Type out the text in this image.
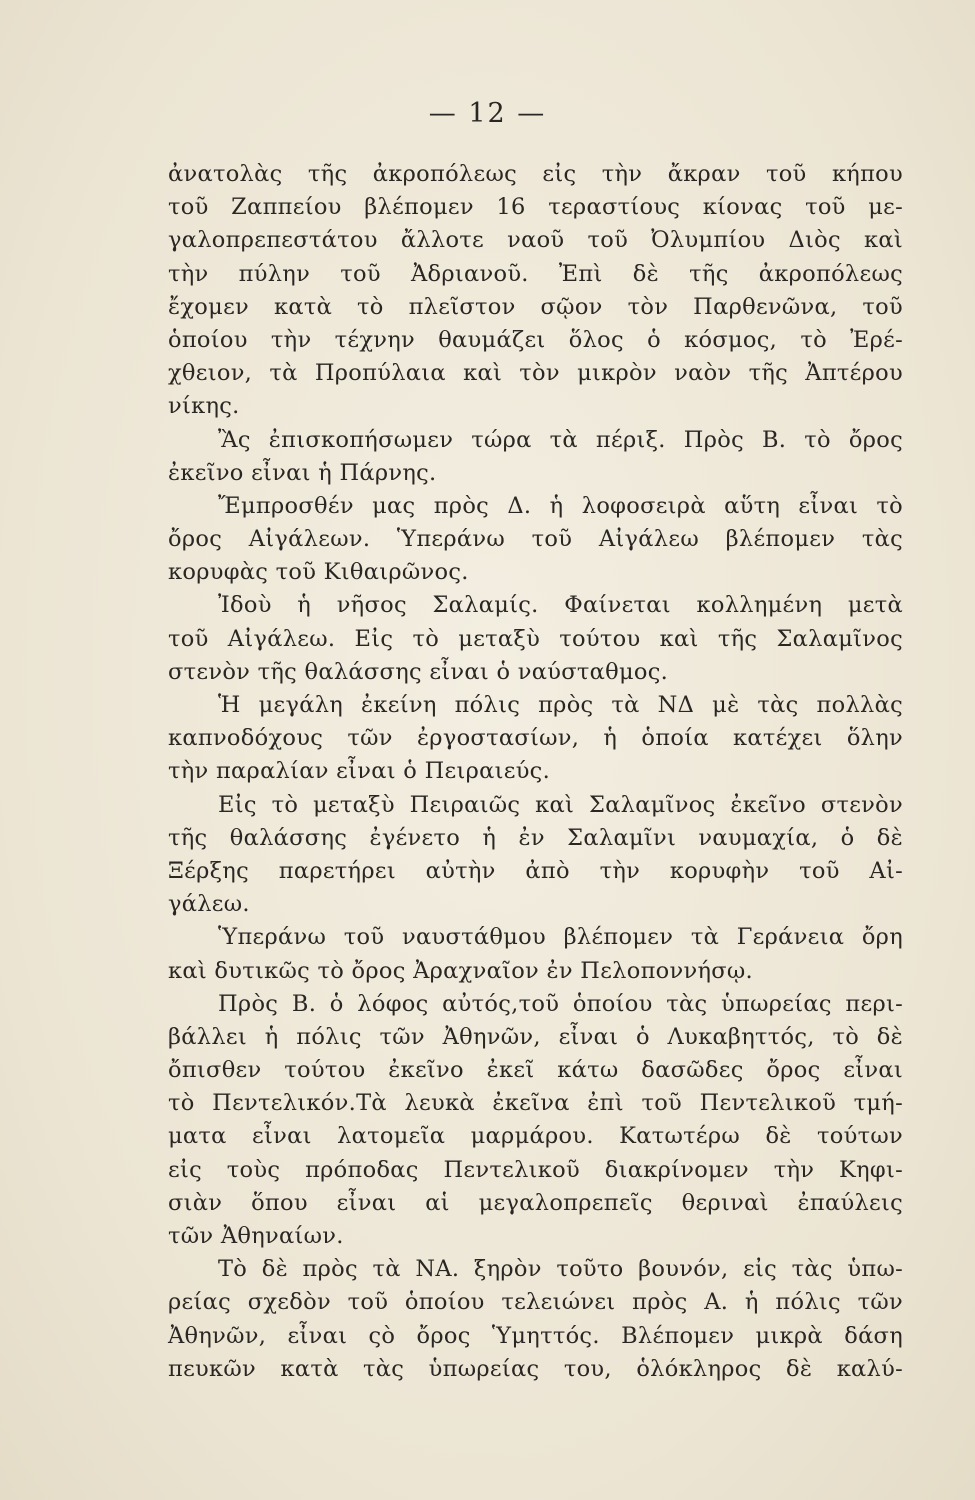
— 12 —
ἀνατολὰς τῆς ἀκροπόλεως εἰς τὴν ἄκραν τοῦ κήπου
τοῦ Ζαππείου βλέπομεν 16 τεραστίους κίονας τοῦ με-
γαλοπρεπεστάτου ἄλλοτε ναοῦ τοῦ Ὀλυμπίου Διὸς καὶ
τὴν πύλην τοῦ Ἀδριανοῦ. Ἐπὶ δὲ τῆς ἀκροπόλεως
ἔχομεν κατὰ τὸ πλεῖστον σῷον τὸν Παρθενῶνα, τοῦ
ὁποίου τὴν τέχνην θαυμάζει ὅλος ὁ κόσμος, τὸ Ἐρέ-
χθειον, τὰ Προπύλαια καὶ τὸν μικρὸν ναὸν τῆς Ἀπτέρου
νίκης.
Ἂς ἐπισκοπήσωμεν τώρα τὰ πέριξ. Πρὸς Β. τὸ ὄρος
ἐκεῖνο εἶναι ἡ Πάρνης.
Ἔμπροσθέν μας πρὸς Δ. ἡ λοφοσειρὰ αὕτη εἶναι τὸ
ὄρος Αἰγάλεων. Ὑπεράνω τοῦ Αἰγάλεω βλέπομεν τὰς
κορυφὰς τοῦ Κιθαιρῶνος.
Ἰδοὺ ἡ νῆσος Σαλαμίς. Φαίνεται κολλημένη μετὰ
τοῦ Αἰγάλεω. Εἰς τὸ μεταξὺ τούτου καὶ τῆς Σαλαμῖνος
στενὸν τῆς θαλάσσης εἶναι ὁ ναύσταθμος.
Ἡ μεγάλη ἐκείνη πόλις πρὸς τὰ ΝΔ μὲ τὰς πολλὰς
καπνοδόχους τῶν ἐργοστασίων, ἡ ὁποία κατέχει ὅλην
τὴν παραλίαν εἶναι ὁ Πειραιεύς.
Εἰς τὸ μεταξὺ Πειραιῶς καὶ Σαλαμῖνος ἐκεῖνο στενὸν
τῆς θαλάσσης ἐγένετο ἡ ἐν Σαλαμῖνι ναυμαχία, ὁ δὲ
Ξέρξης παρετήρει αὐτὴν ἀπὸ τὴν κορυφὴν τοῦ Αἰ-
γάλεω.
Ὑπεράνω τοῦ ναυστάθμου βλέπομεν τὰ Γεράνεια ὄρη
καὶ δυτικῶς τὸ ὄρος Ἀραχναῖον ἐν Πελοποννήσῳ.
Πρὸς Β. ὁ λόφος αὐτός,τοῦ ὁποίου τὰς ὑπωρείας περι-
βάλλει ἡ πόλις τῶν Ἀθηνῶν, εἶναι ὁ Λυκαβηττός, τὸ δὲ
ὄπισθεν τούτου ἐκεῖνο ἐκεῖ κάτω δασῶδες ὄρος εἶναι
τὸ Πεντελικόν.Τὰ λευκὰ ἐκεῖνα ἐπὶ τοῦ Πεντελικοῦ τμή-
ματα εἶναι λατομεῖα μαρμάρου. Κατωτέρω δὲ τούτων
εἰς τοὺς πρόποδας Πεντελικοῦ διακρίνομεν τὴν Κηφι-
σιὰν ὅπου εἶναι αἱ μεγαλοπρεπεῖς θεριναὶ ἐπαύλεις
τῶν Ἀθηναίων.
Τὸ δὲ πρὸς τὰ ΝΑ. ξηρὸν τοῦτο βουνόν, εἰς τὰς ὑπω-
ρείας σχεδὸν τοῦ ὁποίου τελειώνει πρὸς Α. ἡ πόλις τῶν
Ἀθηνῶν, εἶναι ςὸ ὄρος Ὑμηττός. Βλέπομεν μικρὰ δάση
πευκῶν κατὰ τὰς ὑπωρείας του, ὁλόκληρος δὲ καλύ-
